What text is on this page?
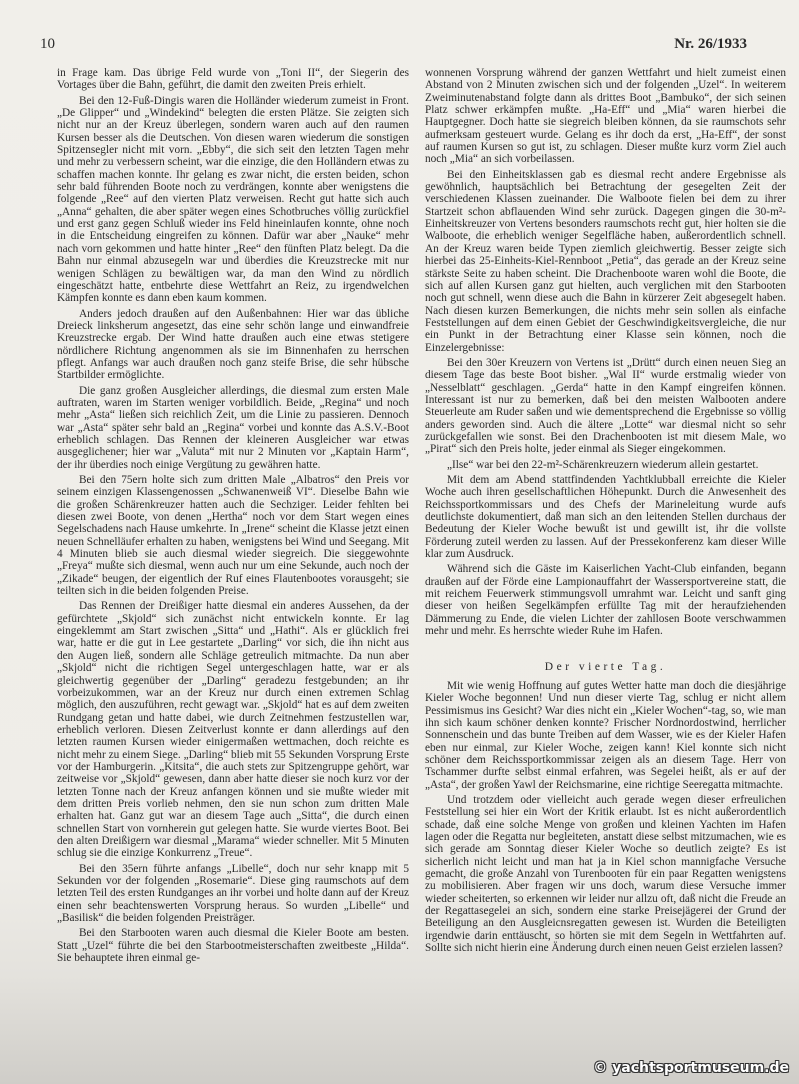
10	Nr. 26/1933

in Frage kam. Das übrige Feld wurde von „Toni II“, der Siegerin des Vortages über die Bahn, geführt, die damit den zweiten Preis erhielt.

Bei den 12-Fuß-Dingis waren die Holländer wiederum zumeist in Front. „De Glipper“ und „Windekind“ belegten die ersten Plätze. Sie zeigten sich nicht nur an der Kreuz überlegen, sondern waren auch auf den raumen Kursen besser als die Deutschen. Von diesen waren wiederum die sonstigen Spitzensegler nicht mit vorn. „Ebby“, die sich seit den letzten Tagen mehr und mehr zu verbessern scheint, war die einzige, die den Holländern etwas zu schaffen machen konnte. Ihr gelang es zwar nicht, die ersten beiden, schon sehr bald führenden Boote noch zu verdrängen, konnte aber wenigstens die folgende „Ree“ auf den vierten Platz verweisen. Recht gut hatte sich auch „Anna“ gehalten, die aber später wegen eines Schotbruches völlig zurückfiel und erst ganz gegen Schluß wieder ins Feld hineinlaufen konnte, ohne noch in die Entscheidung eingreifen zu können. Dafür war aber „Nauke“ mehr nach vorn gekommen und hatte hinter „Ree“ den fünften Platz belegt. Da die Bahn nur einmal abzusegeln war und überdies die Kreuzstrecke mit nur wenigen Schlägen zu bewältigen war, da man den Wind zu nördlich eingeschätzt hatte, entbehrte diese Wettfahrt an Reiz, zu irgendwelchen Kämpfen konnte es dann eben kaum kommen.

Anders jedoch draußen auf den Außenbahnen: Hier war das übliche Dreieck linksherum angesetzt, das eine sehr schön lange und einwandfreie Kreuzstrecke ergab. Der Wind hatte draußen auch eine etwas stetigere nördlichere Richtung angenommen als sie im Binnenhafen zu herrschen pflegt. Anfangs war auch draußen noch ganz steife Brise, die sehr hübsche Startbilder ermöglichte.

Die ganz großen Ausgleicher allerdings, die diesmal zum ersten Male auftraten, waren im Starten weniger vorbildlich. Beide, „Regina“ und noch mehr „Asta“ ließen sich reichlich Zeit, um die Linie zu passieren. Dennoch war „Asta“ später sehr bald an „Regina“ vorbei und konnte das A.S.V.-Boot erheblich schlagen. Das Rennen der kleineren Ausgleicher war etwas ausgeglichener; hier war „Valuta“ mit nur 2 Minuten vor „Kaptain Harm“, der ihr überdies noch einige Vergütung zu gewähren hatte.

Bei den 75ern holte sich zum dritten Male „Albatros“ den Preis vor seinem einzigen Klassengenossen „Schwanenweiß VI“. Dieselbe Bahn wie die großen Schärenkreuzer hatten auch die Sechziger. Leider fehlten bei diesen zwei Boote, von denen „Hertha“ noch vor dem Start wegen eines Segelschadens nach Hause umkehrte. In „Irene“ scheint die Klasse jetzt einen neuen Schnelläufer erhalten zu haben, wenigstens bei Wind und Seegang. Mit 4 Minuten blieb sie auch diesmal wieder siegreich. Die sieggewohnte „Freya“ mußte sich diesmal, wenn auch nur um eine Sekunde, auch noch der „Zikade“ beugen, der eigentlich der Ruf eines Flautenbootes vorausgeht; sie teilten sich in die beiden folgenden Preise.

Das Rennen der Dreißiger hatte diesmal ein anderes Aussehen, da der gefürchtete „Skjold“ sich zunächst nicht entwickeln konnte. Er lag eingeklemmt am Start zwischen „Sitta“ und „Hathi“. Als er glücklich frei war, hatte er die gut in Lee gestartete „Darling“ vor sich, die ihn nicht aus den Augen ließ, sondern alle Schläge getreulich mitmachte. Da nun aber „Skjold“ nicht die richtigen Segel untergeschlagen hatte, war er als gleichwertig gegenüber der „Darling“ geradezu festgebunden; an ihr vorbeizukommen, war an der Kreuz nur durch einen extremen Schlag möglich, den auszuführen, recht gewagt war. „Skjold“ hat es auf dem zweiten Rundgang getan und hatte dabei, wie durch Zeitnehmen festzustellen war, erheblich verloren. Diesen Zeitverlust konnte er dann allerdings auf den letzten raumen Kursen wieder einigermaßen wettmachen, doch reichte es nicht mehr zu einem Siege. „Darling“ blieb mit 55 Sekunden Vorsprung Erste vor der Hamburgerin. „Kitsita“, die auch stets zur Spitzengruppe gehört, war zeitweise vor „Skjold“ gewesen, dann aber hatte dieser sie noch kurz vor der letzten Tonne nach der Kreuz anfangen können und sie mußte wieder mit dem dritten Preis vorlieb nehmen, den sie nun schon zum dritten Male erhalten hat. Ganz gut war an diesem Tage auch „Sitta“, die durch einen schnellen Start von vornherein gut gelegen hatte. Sie wurde viertes Boot. Bei den alten Dreißigern war diesmal „Marama“ wieder schneller. Mit 5 Minuten schlug sie die einzige Konkurrenz „Treue“.

Bei den 35ern führte anfangs „Libelle“, doch nur sehr knapp mit 5 Sekunden vor der folgenden „Rosemarie“. Diese ging raumschots auf dem letzten Teil des ersten Rundganges an ihr vorbei und holte dann auf der Kreuz einen sehr beachtenswerten Vorsprung heraus. So wurden „Libelle“ und „Basilisk“ die beiden folgenden Preisträger.

Bei den Starbooten waren auch diesmal die Kieler Boote am besten. Statt „Uzel“ führte die bei den Starbootmeisterschaften zweitbeste „Hilda“. Sie behauptete ihren einmal ge-

wonnenen Vorsprung während der ganzen Wettfahrt und hielt zumeist einen Abstand von 2 Minuten zwischen sich und der folgenden „Uzel“. In weiterem Zweiminutenabstand folgte dann als drittes Boot „Bambuko“, der sich seinen Platz schwer erkämpfen mußte. „Ha-Eff“ und „Mia“ waren hierbei die Hauptgegner. Doch hatte sie siegreich bleiben können, da sie raumschots sehr aufmerksam gesteuert wurde. Gelang es ihr doch da erst, „Ha-Eff“, der sonst auf raumen Kursen so gut ist, zu schlagen. Dieser mußte kurz vorm Ziel auch noch „Mia“ an sich vorbeilassen.

Bei den Einheitsklassen gab es diesmal recht andere Ergebnisse als gewöhnlich, hauptsächlich bei Betrachtung der gesegelten Zeit der verschiedenen Klassen zueinander. Die Walboote fielen bei dem zu ihrer Startzeit schon abflauenden Wind sehr zurück. Dagegen gingen die 30-m²-Einheitskreuzer von Vertens besonders raumschots recht gut, hier holten sie die Walboote, die erheblich weniger Segelfläche haben, außerordentlich schnell. An der Kreuz waren beide Typen ziemlich gleichwertig. Besser zeigte sich hierbei das 25-Einheits-Kiel-Rennboot „Petia“, das gerade an der Kreuz seine stärkste Seite zu haben scheint. Die Drachenboote waren wohl die Boote, die sich auf allen Kursen ganz gut hielten, auch verglichen mit den Starbooten noch gut schnell, wenn diese auch die Bahn in kürzerer Zeit abgesegelt haben. Nach diesen kurzen Bemerkungen, die nichts mehr sein sollen als einfache Feststellungen auf dem einen Gebiet der Geschwindigkeitsvergleiche, die nur ein Punkt in der Betrachtung einer Klasse sein können, noch die Einzelergebnisse:

Bei den 30er Kreuzern von Vertens ist „Drütt“ durch einen neuen Sieg an diesem Tage das beste Boot bisher. „Wal II“ wurde erstmalig wieder von „Nesselblatt“ geschlagen. „Gerda“ hatte in den Kampf eingreifen können. Interessant ist nur zu bemerken, daß bei den meisten Walbooten andere Steuerleute am Ruder saßen und wie dementsprechend die Ergebnisse so völlig anders geworden sind. Auch die ältere „Lotte“ war diesmal nicht so sehr zurückgefallen wie sonst. Bei den Drachenbooten ist mit diesem Male, wo „Pirat“ sich den Preis holte, jeder einmal als Sieger eingekommen.

„Ilse“ war bei den 22-m²-Schärenkreuzern wiederum allein gestartet.

Mit dem am Abend stattfindenden Yachtklubball erreichte die Kieler Woche auch ihren gesellschaftlichen Höhepunkt. Durch die Anwesenheit des Reichssportkommissars und des Chefs der Marineleitung wurde aufs deutlichste dokumentiert, daß man sich an den leitenden Stellen durchaus der Bedeutung der Kieler Woche bewußt ist und gewillt ist, ihr die vollste Förderung zuteil werden zu lassen. Auf der Pressekonferenz kam dieser Wille klar zum Ausdruck.

Während sich die Gäste im Kaiserlichen Yacht-Club einfanden, begann draußen auf der Förde eine Lampionauffahrt der Wassersportvereine statt, die mit reichem Feuerwerk stimmungsvoll umrahmt war. Leicht und sanft ging dieser von heißen Segelkämpfen erfüllte Tag mit der heraufziehenden Dämmerung zu Ende, die vielen Lichter der zahllosen Boote verschwammen mehr und mehr. Es herrschte wieder Ruhe im Hafen.

Der vierte Tag.

Mit wie wenig Hoffnung auf gutes Wetter hatte man doch die diesjährige Kieler Woche begonnen! Und nun dieser vierte Tag, schlug er nicht allem Pessimismus ins Gesicht? War dies nicht ein „Kieler Wochen“-tag, so, wie man ihn sich kaum schöner denken konnte? Frischer Nordnordostwind, herrlicher Sonnenschein und das bunte Treiben auf dem Wasser, wie es der Kieler Hafen eben nur einmal, zur Kieler Woche, zeigen kann! Kiel konnte sich nicht schöner dem Reichssportkommissar zeigen als an diesem Tage. Herr von Tschammer durfte selbst einmal erfahren, was Segelei heißt, als er auf der „Asta“, der großen Yawl der Reichsmarine, eine richtige Seeregatta mitmachte.

Und trotzdem oder vielleicht auch gerade wegen dieser erfreulichen Feststellung sei hier ein Wort der Kritik erlaubt. Ist es nicht außerordentlich schade, daß eine solche Menge von großen und kleinen Yachten im Hafen lagen oder die Regatta nur begleiteten, anstatt diese selbst mitzumachen, wie es sich gerade am Sonntag dieser Kieler Woche so deutlich zeigte? Es ist sicherlich nicht leicht und man hat ja in Kiel schon mannigfache Versuche gemacht, die große Anzahl von Turenbooten für ein paar Regatten wenigstens zu mobilisieren. Aber fragen wir uns doch, warum diese Versuche immer wieder scheiterten, so erkennen wir leider nur allzu oft, daß nicht die Freude an der Regattasegelei an sich, sondern eine starke Preisejägerei der Grund der Beteiligung an den Ausgleicnsregatten gewesen ist. Wurden die Beteiligten irgendwie darin enttäuscht, so hörten sie mit dem Segeln in Wettfahrten auf. Sollte sich nicht hierin eine Änderung durch einen neuen Geist erzielen lassen?

© yachtsportmuseum.de
